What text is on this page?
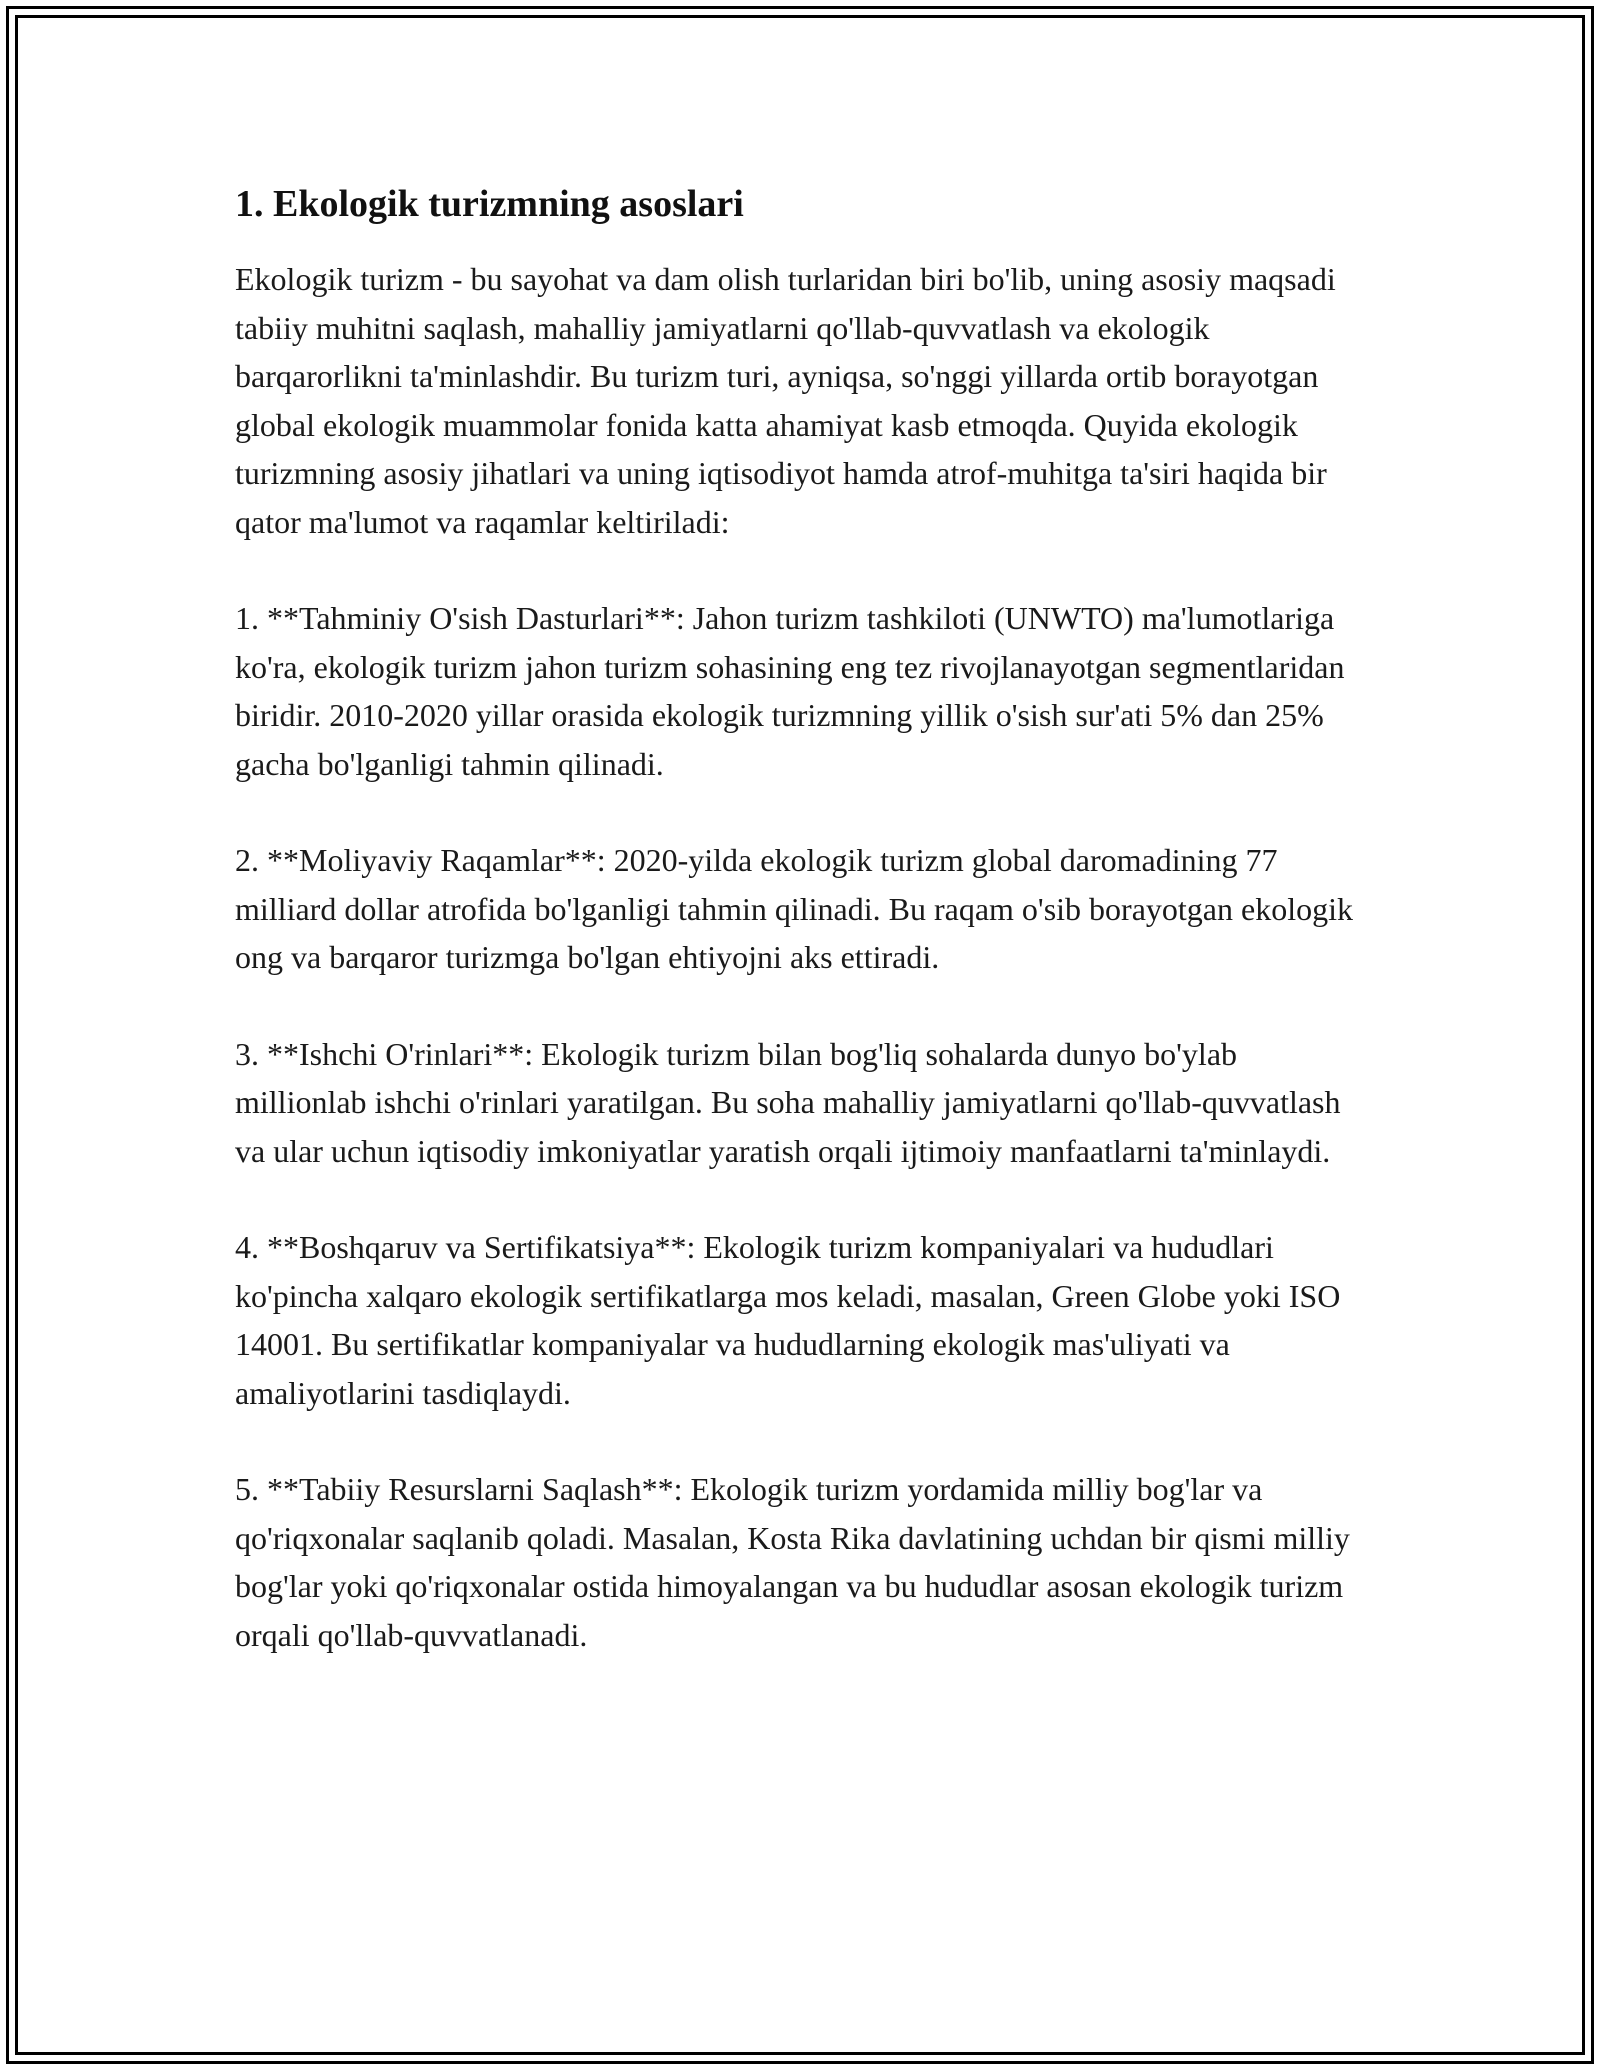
1. Ekologik turizmning asoslari

Ekologik turizm - bu sayohat va dam olish turlaridan biri bo'lib, uning asosiy maqsadi tabiiy muhitni saqlash, mahalliy jamiyatlarni qo'llab-quvvatlash va ekologik barqarorlikni ta'minlashdir. Bu turizm turi, ayniqsa, so'nggi yillarda ortib borayotgan global ekologik muammolar fonida katta ahamiyat kasb etmoqda. Quyida ekologik turizmning asosiy jihatlari va uning iqtisodiyot hamda atrof-muhitga ta'siri haqida bir qator ma'lumot va raqamlar keltiriladi:

1. **Tahminiy O'sish Dasturlari**: Jahon turizm tashkiloti (UNWTO) ma'lumotlariga ko'ra, ekologik turizm jahon turizm sohasining eng tez rivojlanayotgan segmentlaridan biridir. 2010-2020 yillar orasida ekologik turizmning yillik o'sish sur'ati 5% dan 25% gacha bo'lganligi tahmin qilinadi.

2. **Moliyaviy Raqamlar**: 2020-yilda ekologik turizm global daromadining 77 milliard dollar atrofida bo'lganligi tahmin qilinadi. Bu raqam o'sib borayotgan ekologik ong va barqaror turizmga bo'lgan ehtiyojni aks ettiradi.

3. **Ishchi O'rinlari**: Ekologik turizm bilan bog'liq sohalarda dunyo bo'ylab millionlab ishchi o'rinlari yaratilgan. Bu soha mahalliy jamiyatlarni qo'llab-quvvatlash va ular uchun iqtisodiy imkoniyatlar yaratish orqali ijtimoiy manfaatlarni ta'minlaydi.

4. **Boshqaruv va Sertifikatsiya**: Ekologik turizm kompaniyalari va hududlari ko'pincha xalqaro ekologik sertifikatlarga mos keladi, masalan, Green Globe yoki ISO 14001. Bu sertifikatlar kompaniyalar va hududlarning ekologik mas'uliyati va amaliyotlarini tasdiqlaydi.

5. **Tabiiy Resurslarni Saqlash**: Ekologik turizm yordamida milliy bog'lar va qo'riqxonalar saqlanib qoladi. Masalan, Kosta Rika davlatining uchdan bir qismi milliy bog'lar yoki qo'riqxonalar ostida himoyalangan va bu hududlar asosan ekologik turizm orqali qo'llab-quvvatlanadi.
